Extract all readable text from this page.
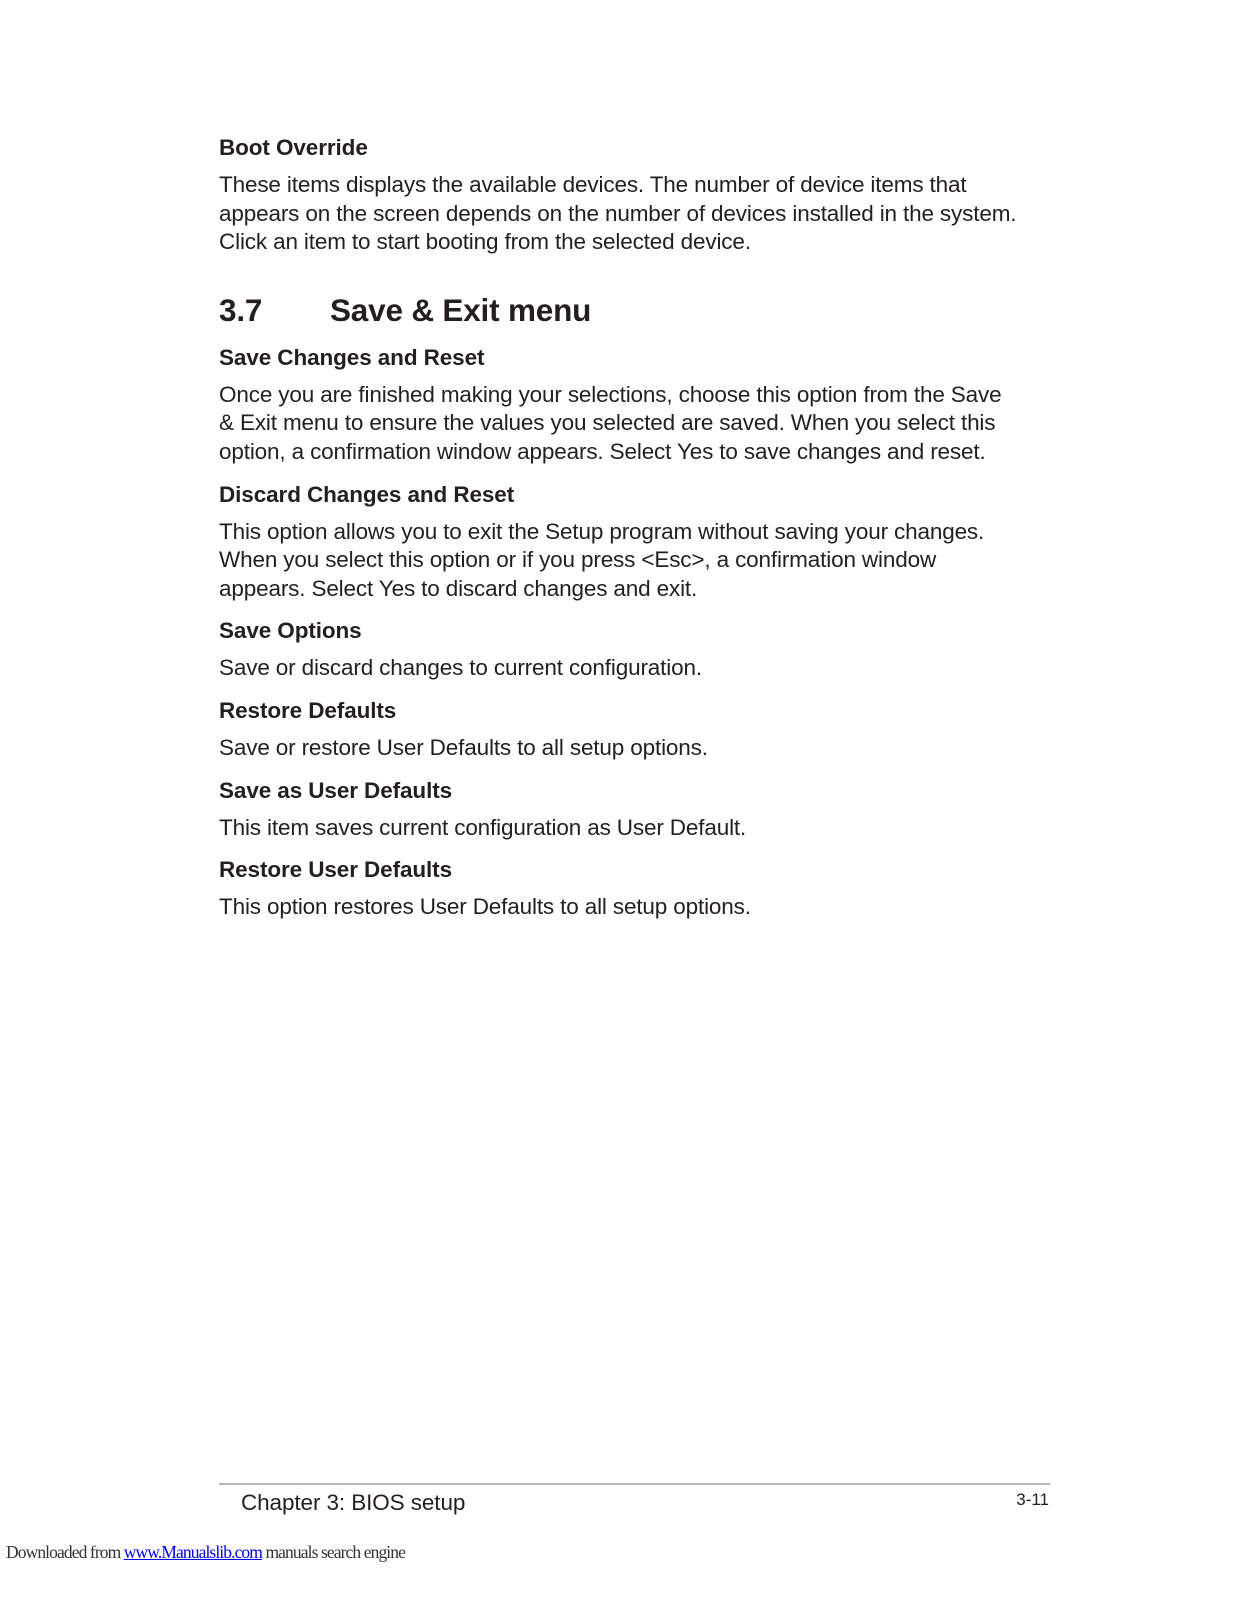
Boot Override

These items displays the available devices. The number of device items that appears on the screen depends on the number of devices installed in the system. Click an item to start booting from the selected device.

3.7	Save & Exit menu
Save Changes and Reset

Once you are finished making your selections, choose this option from the Save & Exit menu to ensure the values you selected are saved. When you select this option, a confirmation window appears. Select Yes to save changes and reset.

Discard Changes and Reset

This option allows you to exit the Setup program without saving your changes. When you select this option or if you press <Esc>, a confirmation window appears. Select Yes to discard changes and exit.

Save Options

Save or discard changes to current configuration.

Restore Defaults

Save or restore User Defaults to all setup options.

Save as User Defaults

This item saves current configuration as User Default.

Restore User Defaults

This option restores User Defaults to all setup options.

Chapter 3: BIOS setup	3-11
Downloaded from www.Manualslib.com manuals search engine
